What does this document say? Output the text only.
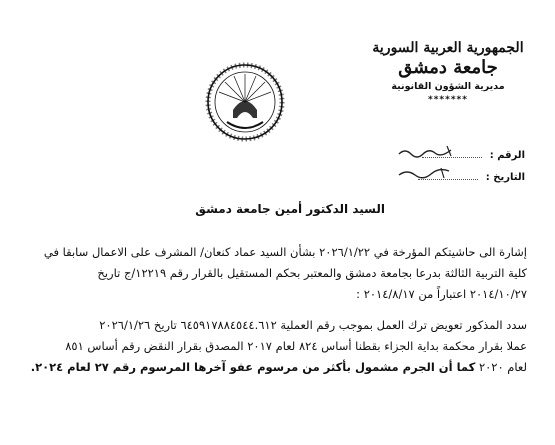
الجمهورية العربية السورية
جامعة دمشق
مديرية الشؤون القانونية
*******
الرقم :
التاريخ :
السيد الدكتور أمين جامعة دمشق

إشارة الى حاشيتكم المؤرخة في ٢٠٢٦/١/٢٢ بشأن السيد عماد كنعان/ المشرف على الاعمال سابقا في
كلية التربية الثالثة بدرعا بجامعة دمشق والمعتبر بحكم المستقيل بالقرار رقم ١٢٢١٩/ج تاريخ
٢٠١٤/١٠/٢٧ اعتباراً من ٢٠١٤/٨/١٧ :

سدد المذكور تعويض ترك العمل بموجب رقم العملية ٦٤٥٩١٧٨٨٤٥٤٤.٦١٢ تاريخ ٢٠٢٦/١/٢٦
عملا بقرار محكمة بداية الجزاء بقطنا أساس ٨٢٤ لعام ٢٠١٧ المصدق بقرار النقض رقم أساس ٨٥١
لعام ٢٠٢٠ كما أن الجرم مشمول بأكثر من مرسوم عفو آخرها المرسوم رقم ٢٧ لعام ٢٠٢٤.
